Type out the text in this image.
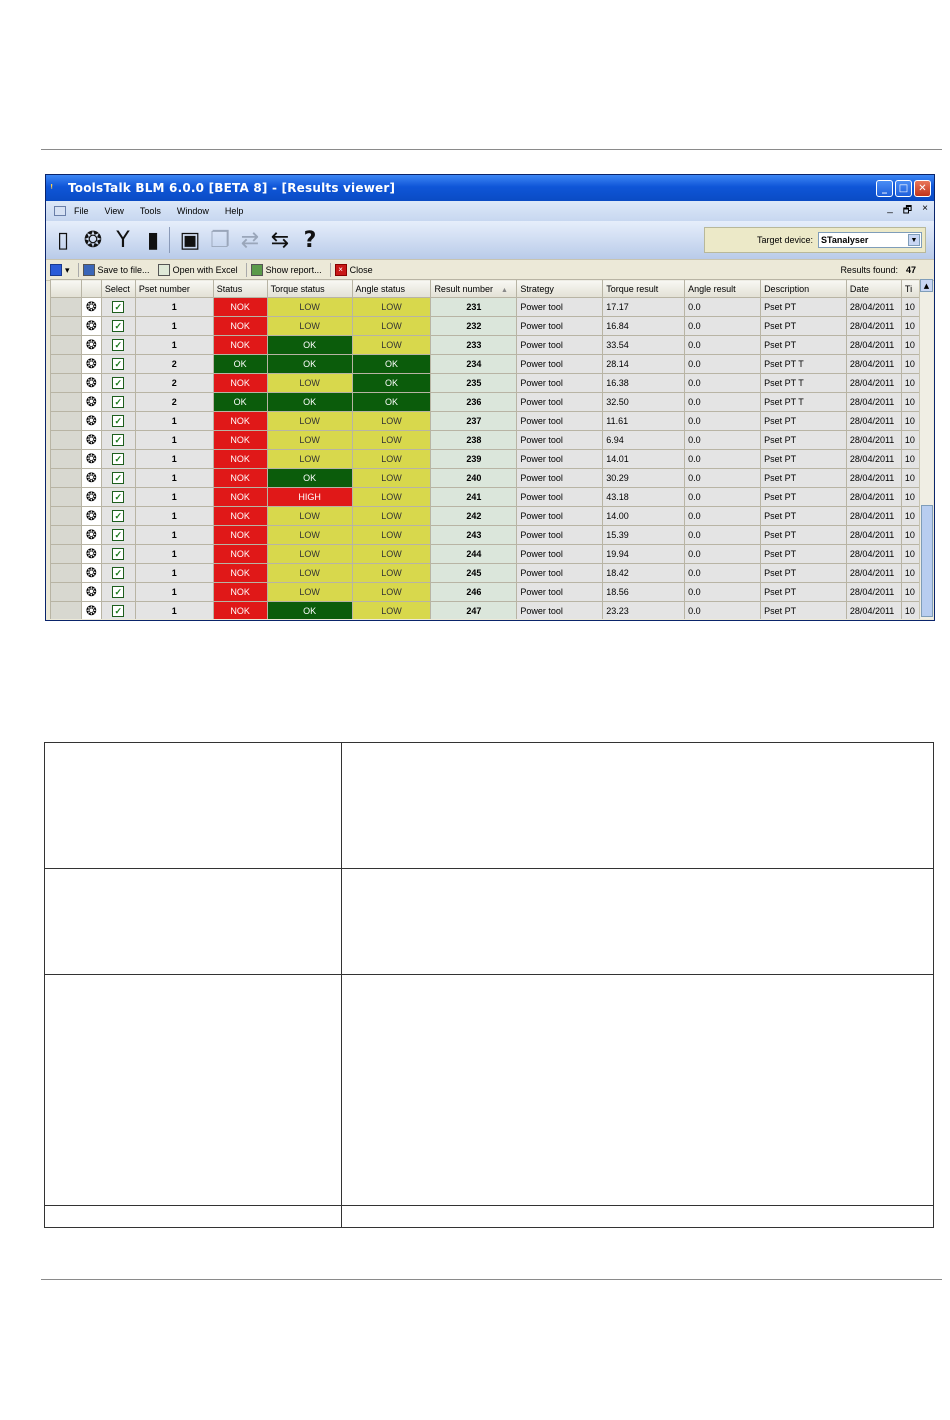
ꜝ	ToolsTalk BLM 6.0.0 [BETA 8] - [Results viewer]	_	□	✕
File View Tools Window Help	_ 🗗 ×
▯ ❂ Y ▮ ▣ ❐ ⇄ ⇆ ?	Target device: STanalyser	▼
▾	Save to file...	Open with Excel	Show report...	× Close	Results found: 47
		Select	Pset number	Status	Torque status	Angle status	Result number ▲	Strategy	Torque result	Angle result	Description	Date	Ti
	❂	✓	1	NOK	LOW	LOW	231	Power tool	17.17	0.0	Pset PT	28/04/2011	10
	❂	✓	1	NOK	LOW	LOW	232	Power tool	16.84	0.0	Pset PT	28/04/2011	10
	❂	✓	1	NOK	OK	LOW	233	Power tool	33.54	0.0	Pset PT	28/04/2011	10
	❂	✓	2	OK	OK	OK	234	Power tool	28.14	0.0	Pset PT T	28/04/2011	10
	❂	✓	2	NOK	LOW	OK	235	Power tool	16.38	0.0	Pset PT T	28/04/2011	10
	❂	✓	2	OK	OK	OK	236	Power tool	32.50	0.0	Pset PT T	28/04/2011	10
	❂	✓	1	NOK	LOW	LOW	237	Power tool	11.61	0.0	Pset PT	28/04/2011	10
	❂	✓	1	NOK	LOW	LOW	238	Power tool	6.94	0.0	Pset PT	28/04/2011	10
	❂	✓	1	NOK	LOW	LOW	239	Power tool	14.01	0.0	Pset PT	28/04/2011	10
	❂	✓	1	NOK	OK	LOW	240	Power tool	30.29	0.0	Pset PT	28/04/2011	10
	❂	✓	1	NOK	HIGH	LOW	241	Power tool	43.18	0.0	Pset PT	28/04/2011	10
	❂	✓	1	NOK	LOW	LOW	242	Power tool	14.00	0.0	Pset PT	28/04/2011	10
	❂	✓	1	NOK	LOW	LOW	243	Power tool	15.39	0.0	Pset PT	28/04/2011	10
	❂	✓	1	NOK	LOW	LOW	244	Power tool	19.94	0.0	Pset PT	28/04/2011	10
	❂	✓	1	NOK	LOW	LOW	245	Power tool	18.42	0.0	Pset PT	28/04/2011	10
	❂	✓	1	NOK	LOW	LOW	246	Power tool	18.56	0.0	Pset PT	28/04/2011	10
	❂	✓	1	NOK	OK	LOW	247	Power tool	23.23	0.0	Pset PT	28/04/2011	10
▲
